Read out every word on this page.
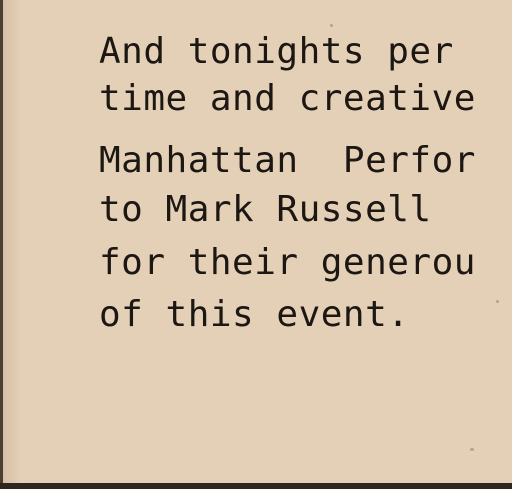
And tonights per

time and creative

Manhattan  Perfor

to Mark Russell

for their generou

of this event.
